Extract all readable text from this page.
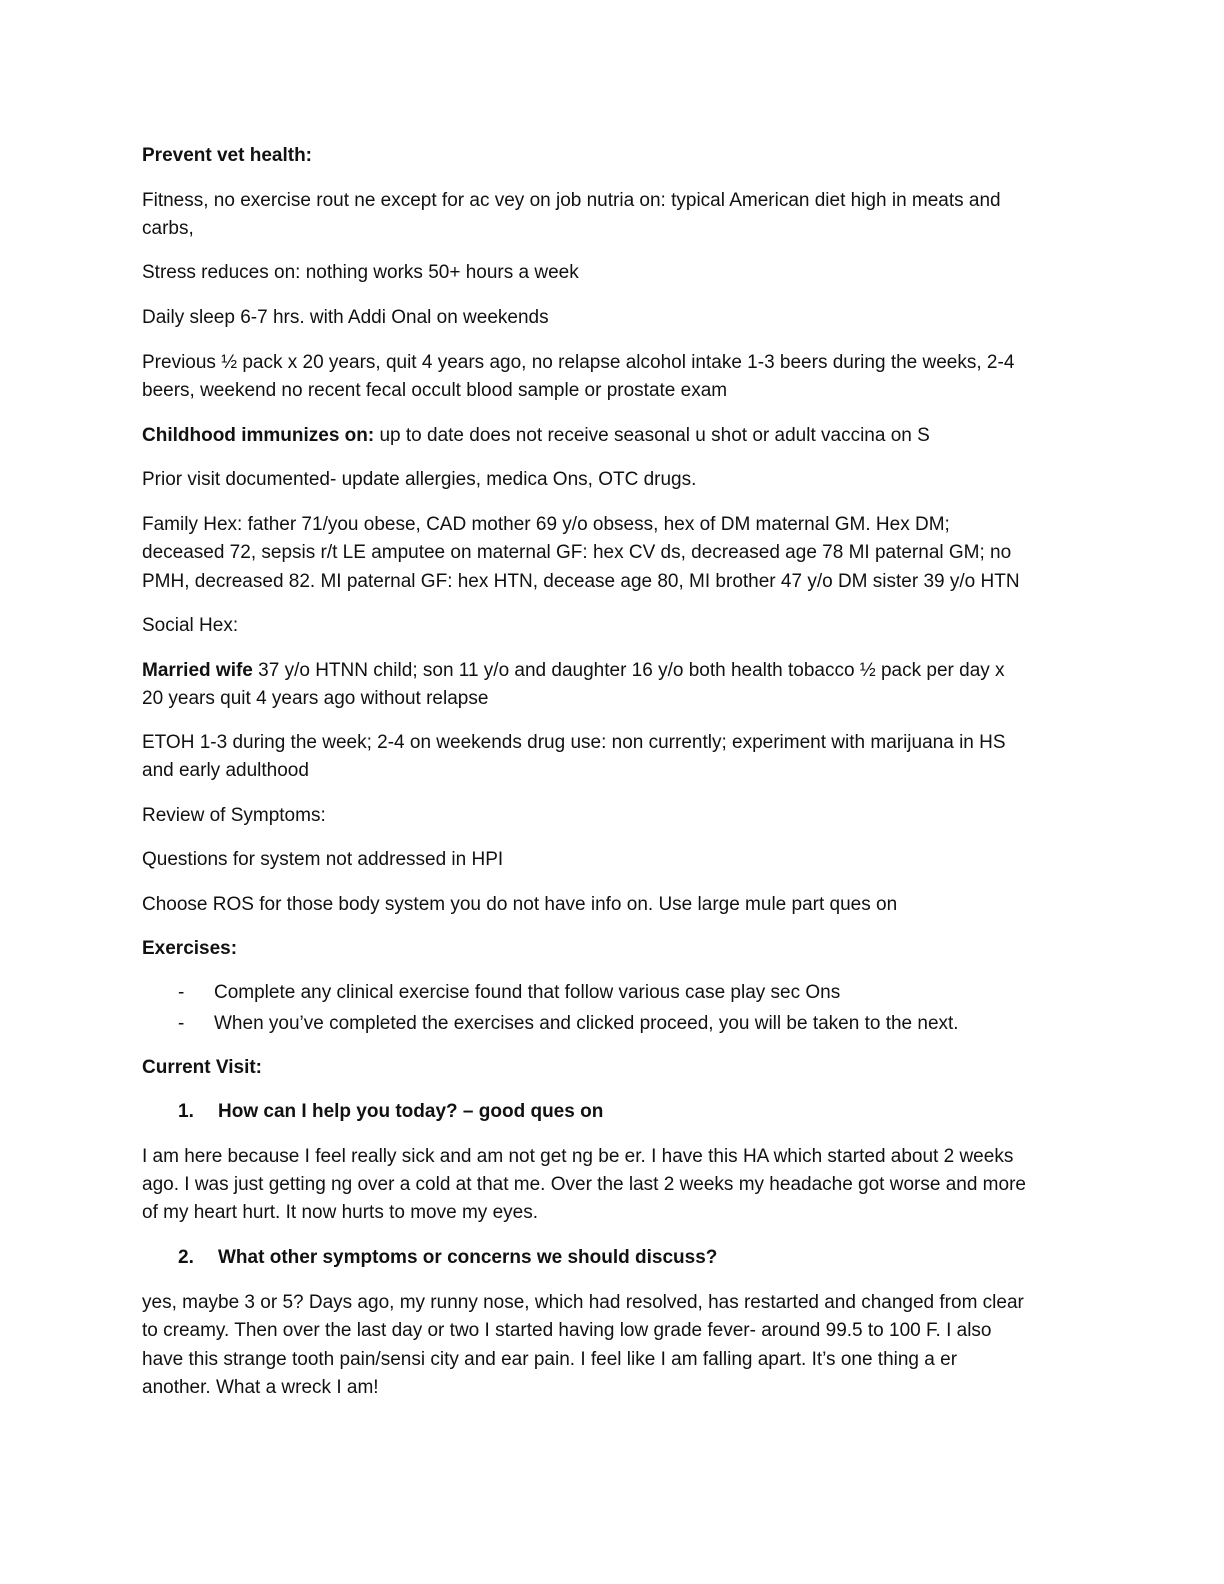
Prevent vet health:
Fitness, no exercise rout ne except for ac vey on job nutria on: typical American diet high in meats and
carbs,
Stress reduces on: nothing works 50+ hours a week
Daily sleep 6-7 hrs. with Addi Onal on weekends
Previous ½ pack x 20 years, quit 4 years ago, no relapse alcohol intake 1-3 beers during the weeks, 2-4
beers, weekend no recent fecal occult blood sample or prostate exam
Childhood immunizes on: up to date does not receive seasonal u shot or adult vaccina on S
Prior visit documented- update allergies, medica Ons, OTC drugs.
Family Hex: father 71/you obese, CAD mother 69 y/o obsess, hex of DM maternal GM. Hex DM;
deceased 72, sepsis r/t LE amputee on maternal GF: hex CV ds, decreased age 78 MI paternal GM; no
PMH, decreased 82. MI paternal GF: hex HTN, decease age 80, MI brother 47 y/o DM sister 39 y/o HTN
Social Hex:
Married wife 37 y/o HTNN child; son 11 y/o and daughter 16 y/o both health tobacco ½ pack per day x
20 years quit 4 years ago without relapse
ETOH 1-3 during the week; 2-4 on weekends drug use: non currently; experiment with marijuana in HS
and early adulthood
Review of Symptoms:
Questions for system not addressed in HPI
Choose ROS for those body system you do not have info on. Use large mule part ques on
Exercises:
- Complete any clinical exercise found that follow various case play sec Ons
- When you’ve completed the exercises and clicked proceed, you will be taken to the next.
Current Visit:
1. How can I help you today? – good ques on
I am here because I feel really sick and am not get ng be er. I have this HA which started about 2 weeks
ago. I was just getting ng over a cold at that me. Over the last 2 weeks my headache got worse and more
of my heart hurt. It now hurts to move my eyes.
2. What other symptoms or concerns we should discuss?
yes, maybe 3 or 5? Days ago, my runny nose, which had resolved, has restarted and changed from clear
to creamy. Then over the last day or two I started having low grade fever- around 99.5 to 100 F. I also
have this strange tooth pain/sensi city and ear pain. I feel like I am falling apart. It’s one thing a er
another. What a wreck I am!
